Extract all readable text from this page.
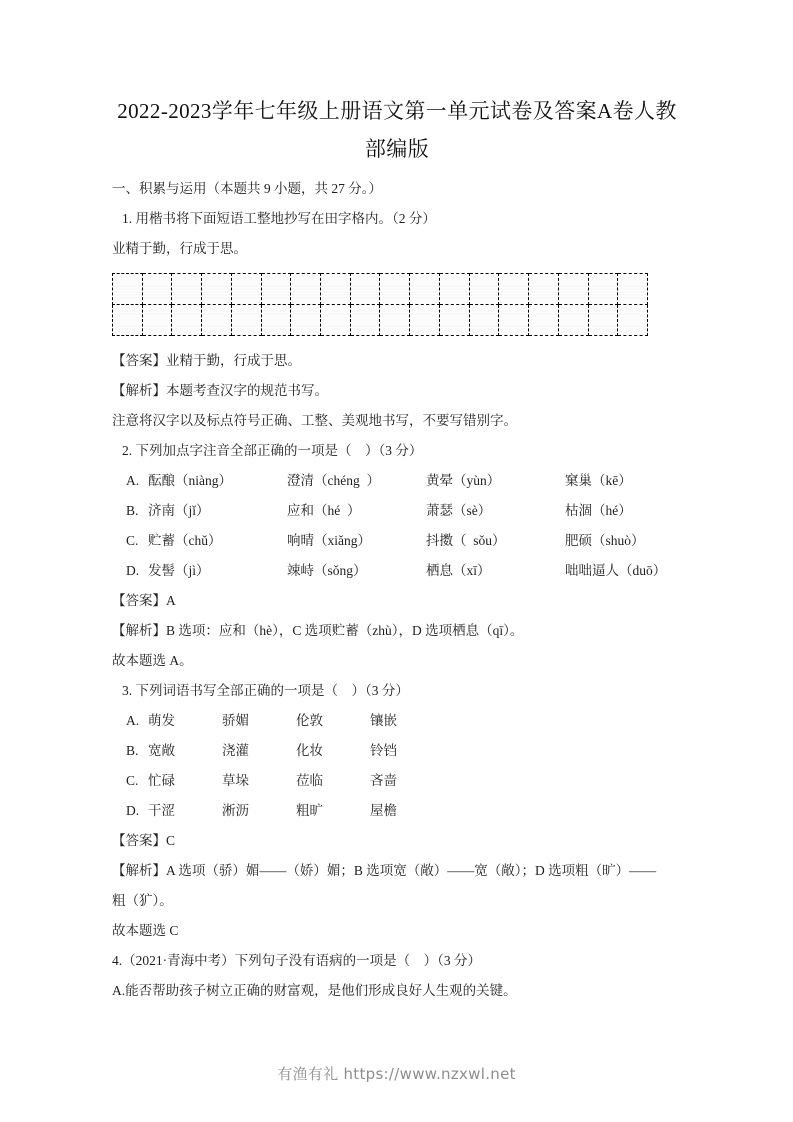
2022-2023学年七年级上册语文第一单元试卷及答案A卷人教部编版
一、积累与运用（本题共 9 小题，共 27 分。）
1. 用楷书将下面短语工整地抄写在田字格内。（2 分）
业精于勤，行成于思。

【答案】业精于勤，行成于思。
【解析】本题考查汉字的规范书写。
注意将汉字以及标点符号正确、工整、美观地书写，不要写错别字。
2. 下列加点字注音全部正确的一项是（    ）（3 分）
A. 酝酿（niàng）	澄清（chéng  ）	黄晕（yùn）	窠巢（kē）
B. 济南（jǐ）	应和（hé  ）	萧瑟（sè）	枯涸（hé）
C. 贮蓄（chǔ）	响晴（xiǎng）	抖擞（  sǒu）	肥硕（shuò）
D. 发髻（jì）	竦峙（sǒng）	栖息（xī）	咄咄逼人（duō）
【答案】A
【解析】B 选项：应和（hè），C 选项贮蓄（zhù），D 选项栖息（qī）。
故本题选 A。
3. 下列词语书写全部正确的一项是（    ）（3 分）
A. 萌发	骄媚	伦敦	镶嵌
B. 宽敞	浇灌	化妆	铃铛
C. 忙碌	草垛	莅临	吝啬
D. 干涩	淅沥	粗旷	屋檐
【答案】C
【解析】A 选项（骄）媚——（娇）媚；B 选项宽（敞）——宽（敞）；D 选项粗（旷）——
粗（犷）。
故本题选 C
4.（2021·青海中考）下列句子没有语病的一项是（    ）（3 分）
A.能否帮助孩子树立正确的财富观，是他们形成良好人生观的关键。
有渔有礼 https://www.nzxwl.net
